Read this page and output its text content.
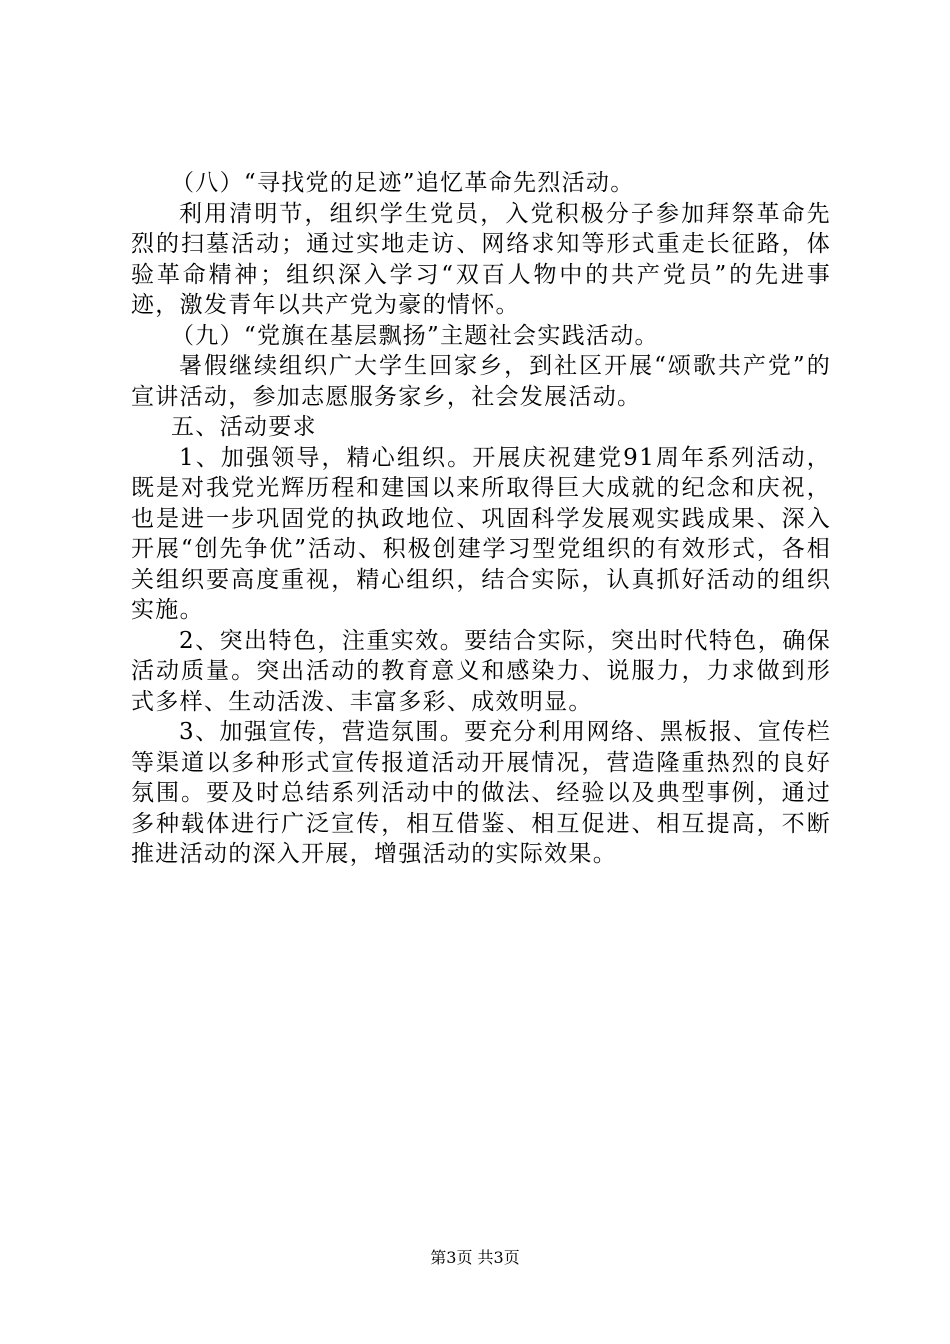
（八）“寻找党的足迹”追忆革命先烈活动。

利用清明节，组织学生党员，入党积极分子参加拜祭革命先烈的扫墓活动；通过实地走访、网络求知等形式重走长征路，体验革命精神；组织深入学习“双百人物中的共产党员”的先进事迹，激发青年以共产党为豪的情怀。

（九）“党旗在基层飘扬”主题社会实践活动。

暑假继续组织广大学生回家乡，到社区开展“颂歌共产党”的宣讲活动，参加志愿服务家乡，社会发展活动。

五、活动要求

1、加强领导，精心组织。开展庆祝建党91周年系列活动，既是对我党光辉历程和建国以来所取得巨大成就的纪念和庆祝，也是进一步巩固党的执政地位、巩固科学发展观实践成果、深入开展“创先争优”活动、积极创建学习型党组织的有效形式，各相关组织要高度重视，精心组织，结合实际，认真抓好活动的组织实施。

2、突出特色，注重实效。要结合实际，突出时代特色，确保活动质量。突出活动的教育意义和感染力、说服力，力求做到形式多样、生动活泼、丰富多彩、成效明显。

3、加强宣传，营造氛围。要充分利用网络、黑板报、宣传栏等渠道以多种形式宣传报道活动开展情况，营造隆重热烈的良好氛围。要及时总结系列活动中的做法、经验以及典型事例，通过多种载体进行广泛宣传，相互借鉴、相互促进、相互提高，不断推进活动的深入开展，增强活动的实际效果。

第3页 共3页
